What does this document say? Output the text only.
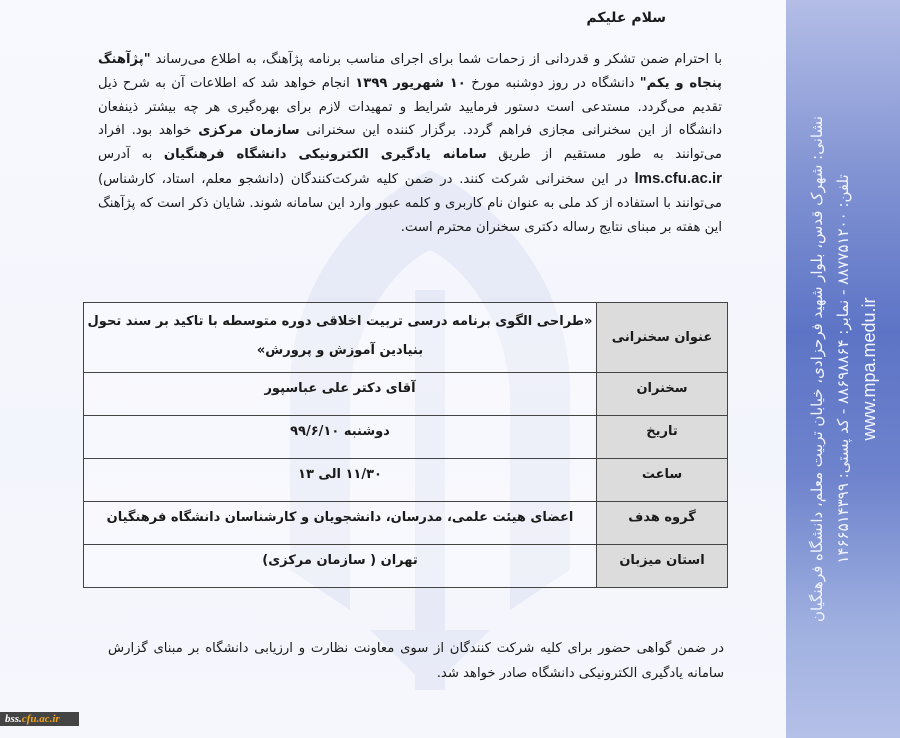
سلام علیکم

با احترام ضمن تشکر و قدردانی از زحمات شما برای اجرای مناسب برنامه پژآهنگ، به اطلاع می‌رساند "پژآهنگ پنجاه و یکم" دانشگاه در روز دوشنبه مورخ ۱۰ شهریور ۱۳۹۹ انجام خواهد شد که اطلاعات آن به شرح ذیل تقدیم می‌گردد. مستدعی است دستور فرمایید شرایط و تمهیدات لازم برای بهره‌گیری هر چه بیشتر ذینفعان دانشگاه از این سخنرانی مجازی فراهم گردد. برگزار کننده این سخنرانی سازمان مرکزی خواهد بود. افراد می‌توانند به طور مستقیم از طریق سامانه یادگیری الکترونیکی دانشگاه فرهنگیان به آدرس lms.cfu.ac.ir در این سخنرانی شرکت کنند. در ضمن کلیه شرکت‌کنندگان (دانشجو معلم، استاد، کارشناس) می‌توانند با استفاده از کد ملی به عنوان نام کاربری و کلمه عبور وارد این سامانه شوند. شایان ذکر است که پژآهنگ این هفته بر مبنای نتایج رساله دکتری سخنران محترم است.

عنوان سخنرانی	«طراحی الگوی برنامه درسی تربیت اخلاقی دوره متوسطه با تاکید بر سند تحول بنیادین آموزش و پرورش»
سخنران	آقای دکتر علی عباسپور
تاریخ	دوشنبه ۹۹/۶/۱۰
ساعت	۱۱/۳۰ الی ۱۳
گروه هدف	اعضای هیئت علمی، مدرسان، دانشجویان و کارشناسان دانشگاه فرهنگیان
استان میزبان	تهران ( سازمان مرکزی)
در ضمن گواهی حضور برای کلیه شرکت کنندگان از سوی معاونت نظارت و ارزیابی دانشگاه بر مبنای گزارش سامانه یادگیری الکترونیکی دانشگاه صادر خواهد شد.
نشانی: شهرک قدس، بلوار شهید فرحزادی، خیابان تربیت معلم، دانشگاه فرهنگیان تلفن: ۸۸۷۷۵۱۲۰۰ - نمابر: ۸۸۶۹۸۸۶۴ - کد پستی: ۱۴۶۶۵۱۴۳۹۹
www.mpa.medu.ir
bss.cfu.ac.ir
